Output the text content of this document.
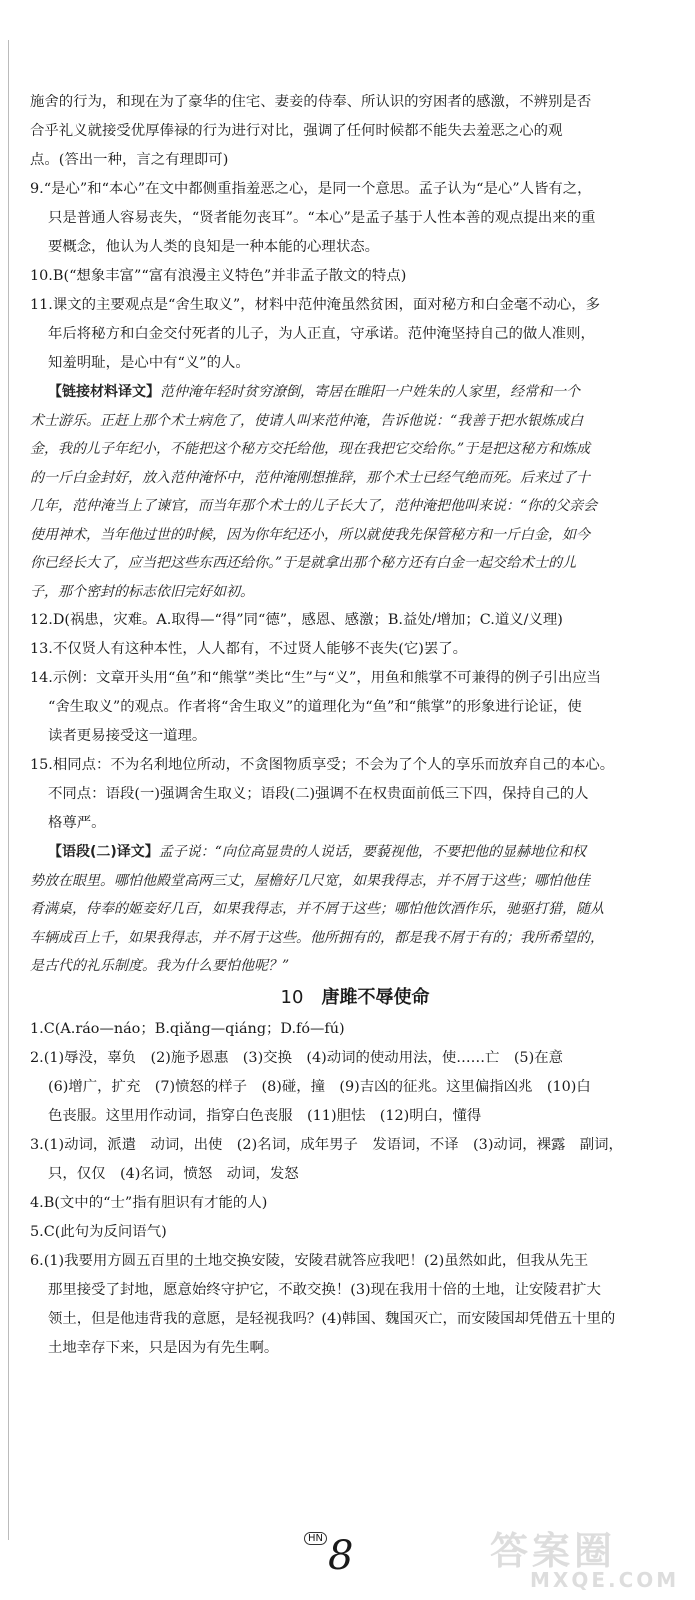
施舍的行为，和现在为了豪华的住宅、妻妾的侍奉、所认识的穷困者的感激，不辨别是否

合乎礼义就接受优厚俸禄的行为进行对比，强调了任何时候都不能失去羞恶之心的观

点。(答出一种，言之有理即可)

9.“是心”和“本心”在文中都侧重指羞恶之心，是同一个意思。孟子认为“是心”人皆有之，

只是普通人容易丧失，“贤者能勿丧耳”。“本心”是孟子基于人性本善的观点提出来的重

要概念，他认为人类的良知是一种本能的心理状态。

10.B(“想象丰富”“富有浪漫主义特色”并非孟子散文的特点)

11.课文的主要观点是“舍生取义”，材料中范仲淹虽然贫困，面对秘方和白金毫不动心，多

年后将秘方和白金交付死者的儿子，为人正直，守承诺。范仲淹坚持自己的做人准则，

知羞明耻，是心中有“义”的人。

【链接材料译文】范仲淹年轻时贫穷潦倒，寄居在睢阳一户姓朱的人家里，经常和一个

术士游乐。正赶上那个术士病危了，使请人叫来范仲淹，告诉他说：“我善于把水银炼成白

金，我的儿子年纪小，不能把这个秘方交托给他，现在我把它交给你。”于是把这秘方和炼成

的一斤白金封好，放入范仲淹怀中，范仲淹刚想推辞，那个术士已经气绝而死。后来过了十

几年，范仲淹当上了谏官，而当年那个术士的儿子长大了，范仲淹把他叫来说：“你的父亲会

使用神术，当年他过世的时候，因为你年纪还小，所以就使我先保管秘方和一斤白金，如今

你已经长大了，应当把这些东西还给你。”于是就拿出那个秘方还有白金一起交给术士的儿

子，那个密封的标志依旧完好如初。

12.D(祸患，灾难。A.取得—“得”同“德”，感恩、感激；B.益处/增加；C.道义/义理)

13.不仅贤人有这种本性，人人都有，不过贤人能够不丧失(它)罢了。

14.示例：文章开头用“鱼”和“熊掌”类比“生”与“义”，用鱼和熊掌不可兼得的例子引出应当

“舍生取义”的观点。作者将“舍生取义”的道理化为“鱼”和“熊掌”的形象进行论证，使

读者更易接受这一道理。

15.相同点：不为名利地位所动，不贪图物质享受；不会为了个人的享乐而放弃自己的本心。

不同点：语段(一)强调舍生取义；语段(二)强调不在权贵面前低三下四，保持自己的人

格尊严。

【语段(二)译文】孟子说：“向位高显贵的人说话，要藐视他，不要把他的显赫地位和权

势放在眼里。哪怕他殿堂高两三丈，屋檐好几尺宽，如果我得志，并不屑于这些；哪怕他佳

肴满桌，侍奉的姬妾好几百，如果我得志，并不屑于这些；哪怕他饮酒作乐，驰驱打猎，随从

车辆成百上千，如果我得志，并不屑于这些。他所拥有的，都是我不屑于有的；我所希望的，

是古代的礼乐制度。我为什么要怕他呢？”

10 唐雎不辱使命

1.C(A.ráo—náo；B.qiǎng—qiáng；D.fó—fú)

2.(1)辱没，辜负　(2)施予恩惠　(3)交换　(4)动词的使动用法，使……亡　(5)在意

(6)增广，扩充　(7)愤怒的样子　(8)碰，撞　(9)吉凶的征兆。这里偏指凶兆　(10)白

色丧服。这里用作动词，指穿白色丧服　(11)胆怯　(12)明白，懂得

3.(1)动词，派遣　动词，出使　(2)名词，成年男子　发语词，不译　(3)动词，裸露　副词，

只，仅仅　(4)名词，愤怒　动词，发怒

4.B(文中的“士”指有胆识有才能的人)

5.C(此句为反问语气)

6.(1)我要用方圆五百里的土地交换安陵，安陵君就答应我吧！(2)虽然如此，但我从先王

那里接受了封地，愿意始终守护它，不敢交换！(3)现在我用十倍的土地，让安陵君扩大

领土，但是他违背我的意愿，是轻视我吗？(4)韩国、魏国灭亡，而安陵国却凭借五十里的

土地幸存下来，只是因为有先生啊。

HN 8	答案圈
MXQE.COM
